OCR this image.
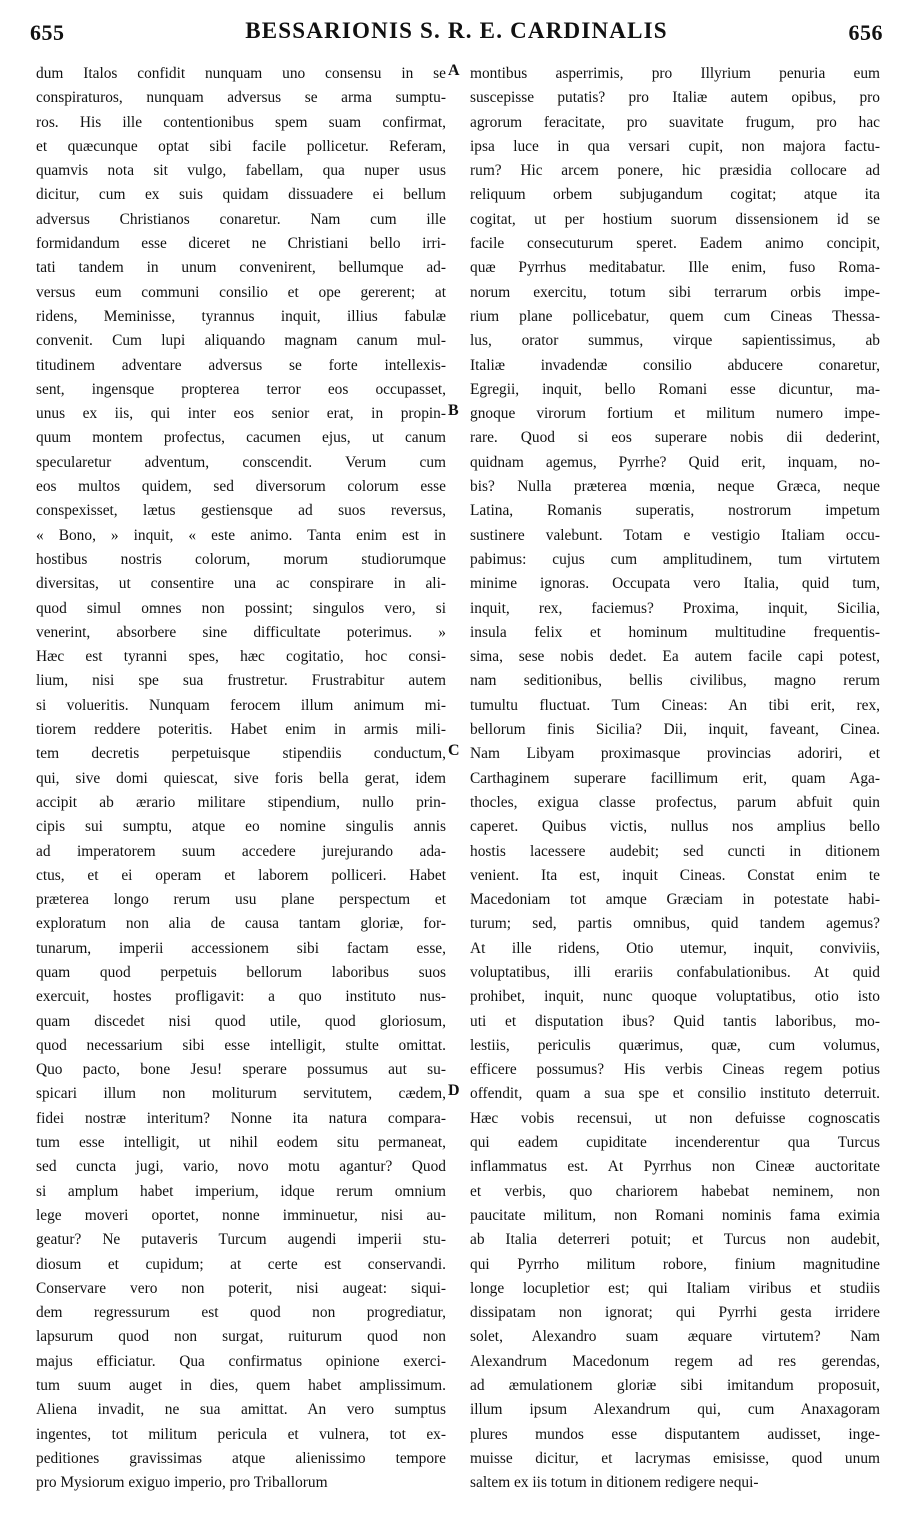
655	BESSARIONIS S. R. E. CARDINALIS	656
dum Italos confidit nunquam uno consensu in se
conspiraturos, nunquam adversus se arma sumptu-
ros. His ille contentionibus spem suam confirmat,
et quæcunque optat sibi facile pollicetur. Referam,
quamvis nota sit vulgo, fabellam, qua nuper usus
dicitur, cum ex suis quidam dissuadere ei bellum
adversus Christianos conaretur. Nam cum ille
formidandum esse diceret ne Christiani bello irri-
tati tandem in unum convenirent, bellumque ad-
versus eum communi consilio et ope gererent; at
ridens, Meminisse, tyrannus inquit, illius fabulæ
convenit. Cum lupi aliquando magnam canum mul-
titudinem adventare adversus se forte intellexis-
sent, ingensque propterea terror eos occupasset,
unus ex iis, qui inter eos senior erat, in propin-
quum montem profectus, cacumen ejus, ut canum
specularetur adventum, conscendit. Verum cum
eos multos quidem, sed diversorum colorum esse
conspexisset, lætus gestiensque ad suos reversus,
« Bono, » inquit, « este animo. Tanta enim est in
hostibus nostris colorum, morum studiorumque
diversitas, ut consentire una ac conspirare in ali-
quod simul omnes non possint; singulos vero, si
venerint, absorbere sine difficultate poterimus. »
Hæc est tyranni spes, hæc cogitatio, hoc consi-
lium, nisi spe sua frustretur. Frustrabitur autem
si volueritis. Nunquam ferocem illum animum mi-
tiorem reddere poteritis. Habet enim in armis mili-
tem decretis perpetuisque stipendiis conductum,
qui, sive domi quiescat, sive foris bella gerat, idem
accipit ab ærario militare stipendium, nullo prin-
cipis sui sumptu, atque eo nomine singulis annis
ad imperatorem suum accedere jurejurando ada-
ctus, et ei operam et laborem polliceri. Habet
præterea longo rerum usu plane perspectum et
exploratum non alia de causa tantam gloriæ, for-
tunarum, imperii accessionem sibi factam esse,
quam quod perpetuis bellorum laboribus suos
exercuit, hostes profligavit: a quo instituto nus-
quam discedet nisi quod utile, quod gloriosum,
quod necessarium sibi esse intelligit, stulte omittat.
Quo pacto, bone Jesu! sperare possumus aut su-
spicari illum non moliturum servitutem, cædem,
fidei nostræ interitum? Nonne ita natura compara-
tum esse intelligit, ut nihil eodem situ permaneat,
sed cuncta jugi, vario, novo motu agantur? Quod
si amplum habet imperium, idque rerum omnium
lege moveri oportet, nonne imminuetur, nisi au-
geatur? Ne putaveris Turcum augendi imperii stu-
diosum et cupidum; at certe est conservandi.
Conservare vero non poterit, nisi augeat: siqui-
dem regressurum est quod non progrediatur,
lapsurum quod non surgat, ruiturum quod non
majus efficiatur. Qua confirmatus opinione exerci-
tum suum auget in dies, quem habet amplissimum.
Aliena invadit, ne sua amittat. An vero sumptus
ingentes, tot militum pericula et vulnera, tot ex-
peditiones gravissimas atque alienissimo tempore
pro Mysiorum exiguo imperio, pro Triballorum
montibus asperrimis, pro Illyrium penuria eum
suscepisse putatis? pro Italiæ autem opibus, pro
agrorum feracitate, pro suavitate frugum, pro hac
ipsa luce in qua versari cupit, non majora factu-
rum? Hic arcem ponere, hic præsidia collocare ad
reliquum orbem subjugandum cogitat; atque ita
cogitat, ut per hostium suorum dissensionem id se
facile consecuturum speret. Eadem animo concipit,
quæ Pyrrhus meditabatur. Ille enim, fuso Roma-
norum exercitu, totum sibi terrarum orbis impe-
rium plane pollicebatur, quem cum Cineas Thessa-
lus, orator summus, virque sapientissimus, ab
Italiæ invadendæ consilio abducere conaretur,
Egregii, inquit, bello Romani esse dicuntur, ma-
gnoque virorum fortium et militum numero impe-
rare. Quod si eos superare nobis dii dederint,
quidnam agemus, Pyrrhe? Quid erit, inquam, no-
bis? Nulla præterea mœnia, neque Græca, neque
Latina, Romanis superatis, nostrorum impetum
sustinere valebunt. Totam e vestigio Italiam occu-
pabimus: cujus cum amplitudinem, tum virtutem
minime ignoras. Occupata vero Italia, quid tum,
inquit, rex, faciemus? Proxima, inquit, Sicilia,
insula felix et hominum multitudine frequentis-
sima, sese nobis dedet. Ea autem facile capi potest,
nam seditionibus, bellis civilibus, magno rerum
tumultu fluctuat. Tum Cineas: An tibi erit, rex,
bellorum finis Sicilia? Dii, inquit, faveant, Cinea.
Nam Libyam proximasque provincias adoriri, et
Carthaginem superare facillimum erit, quam Aga-
thocles, exigua classe profectus, parum abfuit quin
caperet. Quibus victis, nullus nos amplius bello
hostis lacessere audebit; sed cuncti in ditionem
venient. Ita est, inquit Cineas. Constat enim te
Macedoniam tot amque Græciam in potestate habi-
turum; sed, partis omnibus, quid tandem agemus?
At ille ridens, Otio utemur, inquit, conviviis,
voluptatibus, illi erariis confabulationibus. At quid
prohibet, inquit, nunc quoque voluptatibus, otio isto
uti et disputation ibus? Quid tantis laboribus, mo-
lestiis, periculis quærimus, quæ, cum volumus,
efficere possumus? His verbis Cineas regem potius
offendit, quam a sua spe et consilio instituto deterruit.
Hæc vobis recensui, ut non defuisse cognoscatis
qui eadem cupiditate incenderentur qua Turcus
inflammatus est. At Pyrrhus non Cineæ auctoritate
et verbis, quo chariorem habebat neminem, non
paucitate militum, non Romani nominis fama eximia
ab Italia deterreri potuit; et Turcus non audebit,
qui Pyrrho militum robore, finium magnitudine
longe locupletior est; qui Italiam viribus et studiis
dissipatam non ignorat; qui Pyrrhi gesta irridere
solet, Alexandro suam æquare virtutem? Nam
Alexandrum Macedonum regem ad res gerendas,
ad æmulationem gloriæ sibi imitandum proposuit,
illum ipsum Alexandrum qui, cum Anaxagoram
plures mundos esse disputantem audisset, inge-
muisse dicitur, et lacrymas emisisse, quod unum
saltem ex iis totum in ditionem redigere nequi-
A
B
C
D
